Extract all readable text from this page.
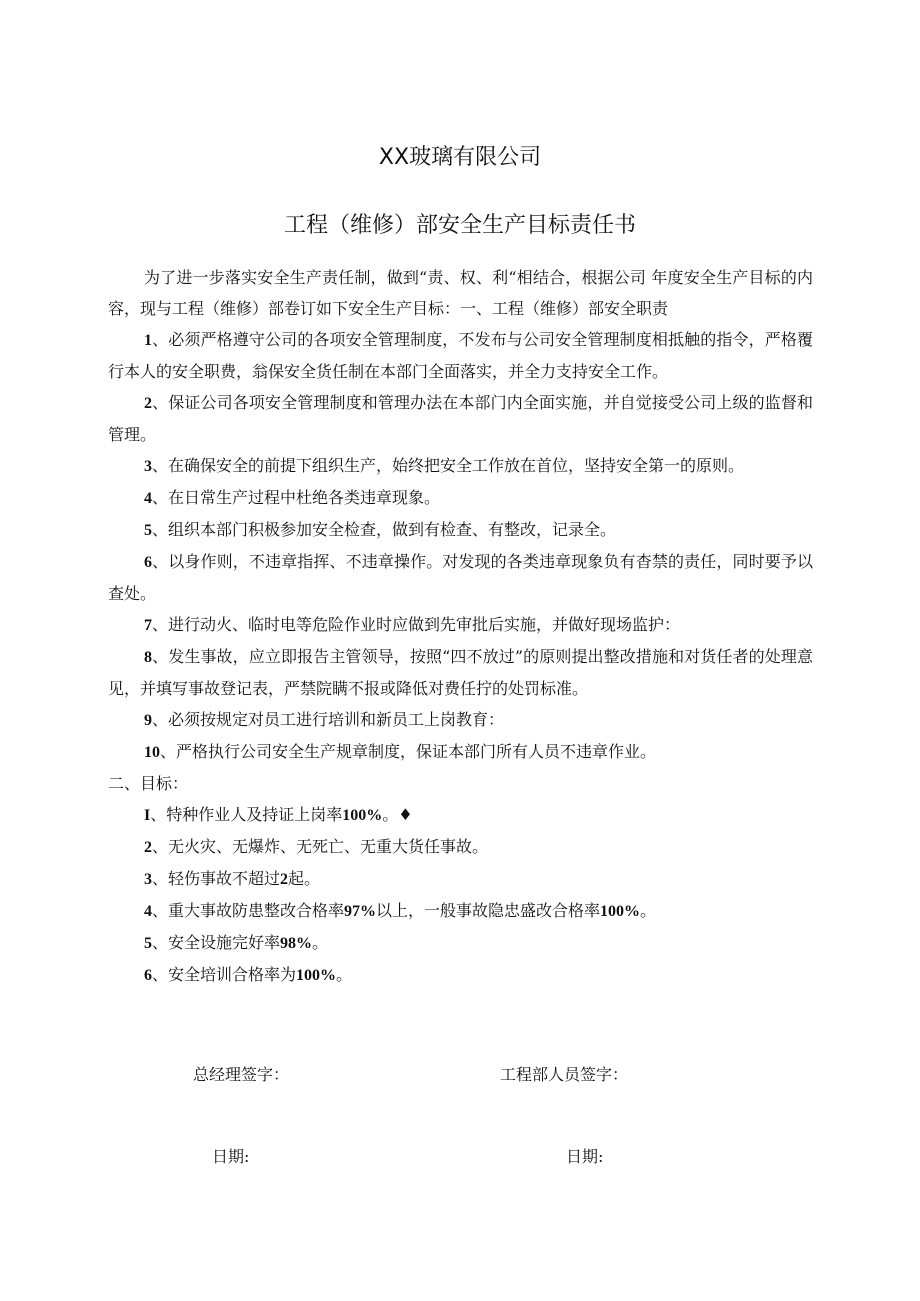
XX玻璃有限公司
工程（维修）部安全生产目标责任书

为了进一步落实安全生产责任制，做到“责、权、利“相结合，根据公司 年度安全生产目标的内容，现与工程（维修）部卷订如下安全生产目标：一、工程（维修）部安全职责

1、必须严格遵守公司的各项安全管理制度，不发布与公司安全管理制度相抵触的指令，严格覆行本人的安全职费，翁保安全货任制在本部门全面落实，并全力支持安全工作。

2、保证公司各项安全管理制度和管理办法在本部门内全面实施，并自觉接受公司上级的监督和管理。

3、在确保安全的前提下组织生产，始终把安全工作放在首位，坚持安全第一的原则。

4、在日常生产过程中杜绝各类违章现象。

5、组织本部门积极参加安全检查，做到有检查、有整改，记录全。

6、以身作则，不违章指挥、不违章操作。对发现的各类违章现象负有杳禁的责任，同时要予以查处。

7、进行动火、临时电等危险作业时应做到先审批后实施，并做好现场监护：

8、发生事故，应立即报告主管领导，按照“四不放过”的原则提出整改措施和对货任者的处理意见，并填写事故登记表，严禁院瞒不报或降低对费任拧的处罚标准。

9、必须按规定对员工进行培训和新员工上岗教育：

10、严格执行公司安全生产规章制度，保证本部门所有人员不违章作业。

二、目标：

I、特种作业人及持证上岗率100%。♦

2、无火灾、无爆炸、无死亡、无重大货任事故。

3、轻伤事故不超过2起。

4、重大事故防患整改合格率97%以上，一般事故隐忠盛改合格率100%。

5、安全设施完好率98%。

6、安全培训合格率为100%。

总经理签字：	工程部人员签字：
日期:	日期:
